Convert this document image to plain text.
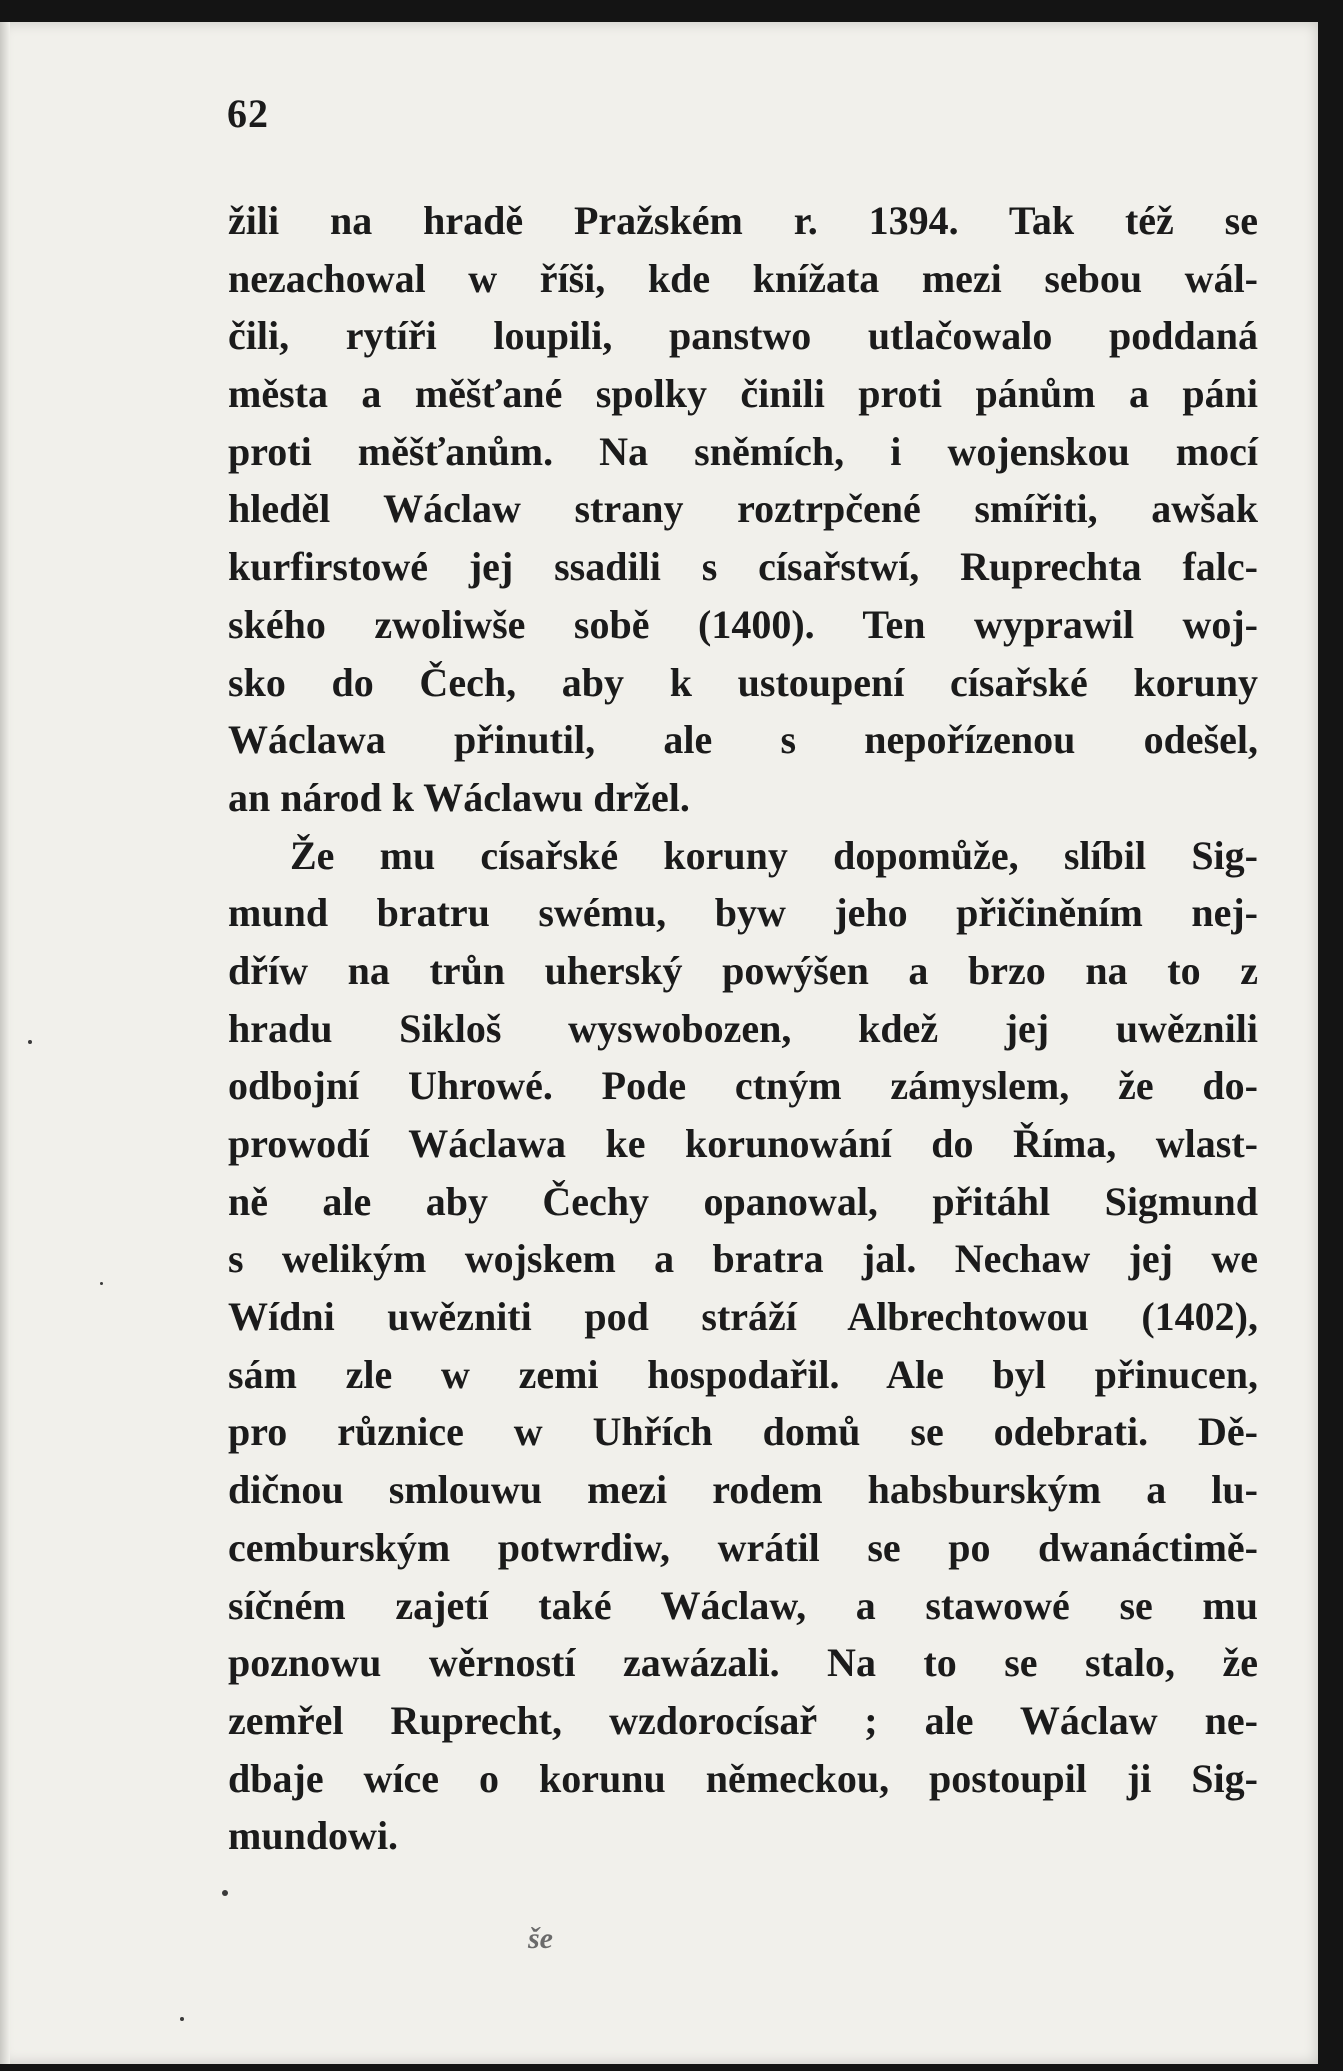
62
žili na hradě Pražském r. 1394. Tak též se
nezachowal w říši, kde knížata mezi sebou wál-
čili, rytíři loupili, panstwo utlačowalo poddaná
města a měšťané spolky činili proti pánům a páni
proti měšťanům. Na sněmích, i wojenskou mocí
hleděl Wáclaw strany roztrpčené smířiti, awšak
kurfirstowé jej ssadili s císařstwí, Ruprechta falc-
ského zwoliwše sobě (1400). Ten wyprawil woj-
sko do Čech, aby k ustoupení císařské koruny
Wáclawa přinutil, ale s nepořízenou odešel,
an národ k Wáclawu držel.
Že mu císařské koruny dopomůže, slíbil Sig-
mund bratru swému, byw jeho přičiněním nej-
dříw na trůn uherský powýšen a brzo na to z
hradu Sikloš wyswobozen, kdež jej uwěznili
odbojní Uhrowé. Pode ctným zámyslem, že do-
prowodí Wáclawa ke korunowání do Říma, wlast-
ně ale aby Čechy opanowal, přitáhl Sigmund
s welikým wojskem a bratra jal. Nechaw jej we
Wídni uwězniti pod stráží Albrechtowou (1402),
sám zle w zemi hospodařil. Ale byl přinucen,
pro různice w Uhřích domů se odebrati. Dě-
dičnou smlouwu mezi rodem habsburským a lu-
cemburským potwrdiw, wrátil se po dwanáctimě-
síčném zajetí také Wáclaw, a stawowé se mu
poznowu wěrností zawázali. Na to se stalo, že
zemřel Ruprecht, wzdorocísař ; ale Wáclaw ne-
dbaje wíce o korunu německou, postoupil ji Sig-
mundowi.
še
